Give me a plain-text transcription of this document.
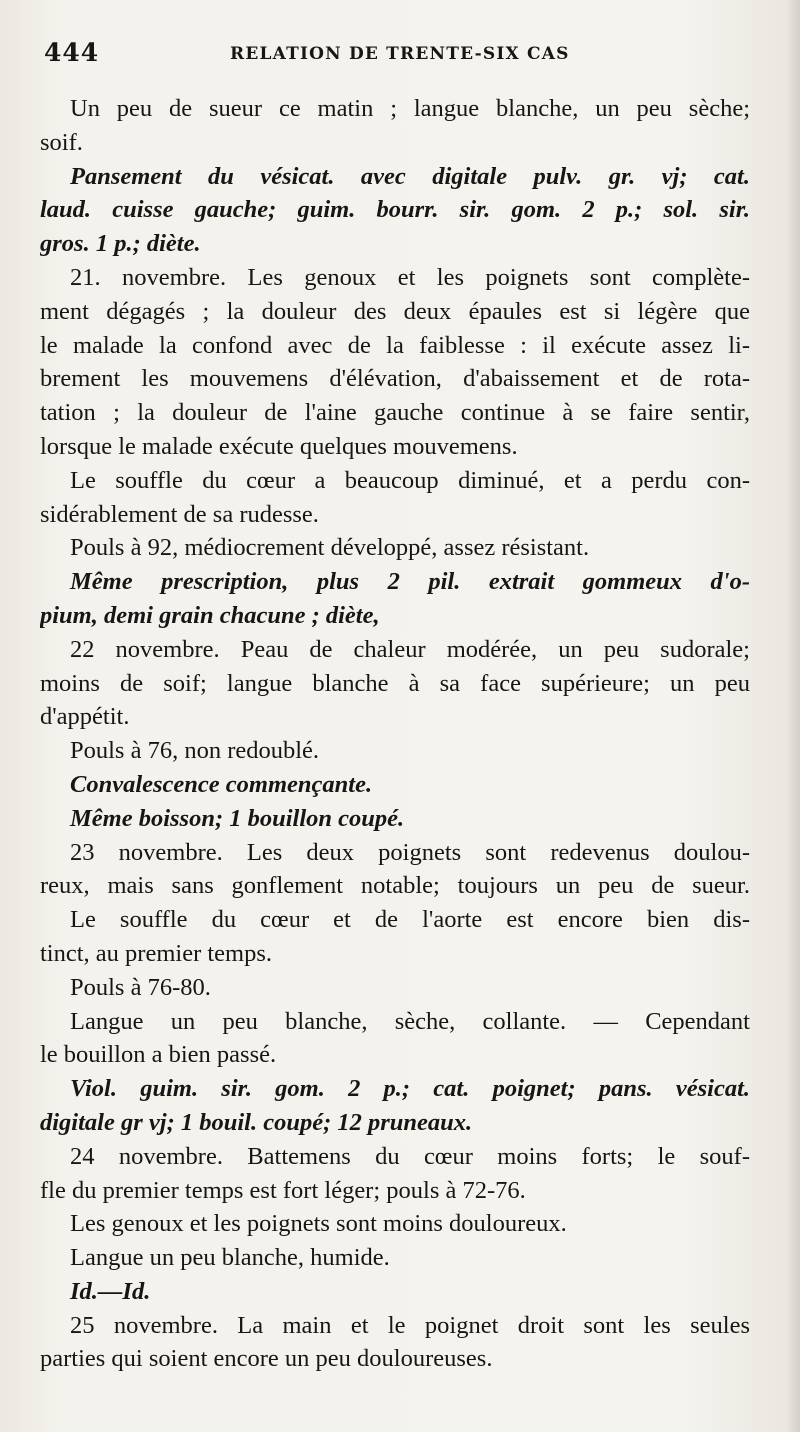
444	RELATION DE TRENTE-SIX CAS
Un peu de sueur ce matin ; langue blanche, un peu sèche;
soif.
Pansement du vésicat. avec digitale pulv. gr. vj; cat.
laud. cuisse gauche; guim. bourr. sir. gom. 2 p.; sol. sir.
gros. 1 p.; diète.
21. novembre. Les genoux et les poignets sont complète-
ment dégagés ; la douleur des deux épaules est si légère que
le malade la confond avec de la faiblesse : il exécute assez li-
brement les mouvemens d'élévation, d'abaissement et de rota-
tation ; la douleur de l'aine gauche continue à se faire sentir,
lorsque le malade exécute quelques mouvemens.
Le souffle du cœur a beaucoup diminué, et a perdu con-
sidérablement de sa rudesse.
Pouls à 92, médiocrement développé, assez résistant.
Même prescription, plus 2 pil. extrait gommeux d'o-
pium, demi grain chacune ; diète,
22 novembre. Peau de chaleur modérée, un peu sudorale;
moins de soif; langue blanche à sa face supérieure; un peu
d'appétit.
Pouls à 76, non redoublé.
Convalescence commençante.
Même boisson; 1 bouillon coupé.
23 novembre. Les deux poignets sont redevenus doulou-
reux, mais sans gonflement notable; toujours un peu de sueur.
Le souffle du cœur et de l'aorte est encore bien dis-
tinct, au premier temps.
Pouls à 76-80.
Langue un peu blanche, sèche, collante. — Cependant
le bouillon a bien passé.
Viol. guim. sir. gom. 2 p.; cat. poignet; pans. vésicat.
digitale gr vj; 1 bouil. coupé; 12 pruneaux.
24 novembre. Battemens du cœur moins forts; le souf-
fle du premier temps est fort léger; pouls à 72-76.
Les genoux et les poignets sont moins douloureux.
Langue un peu blanche, humide.
Id.—Id.
25 novembre. La main et le poignet droit sont les seules
parties qui soient encore un peu douloureuses.
